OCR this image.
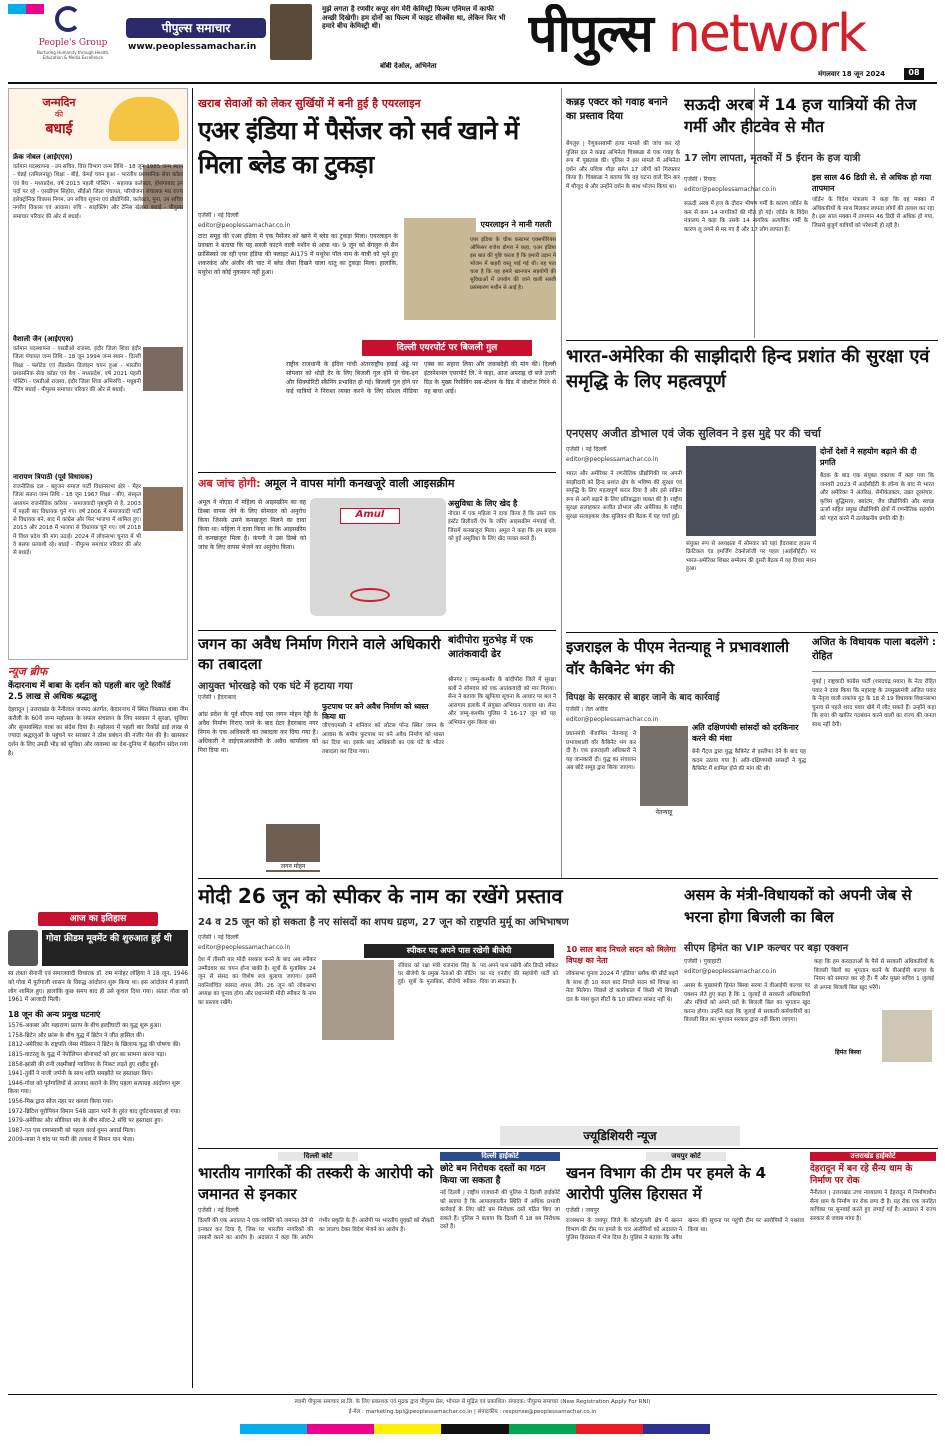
People's Group
Nurturing Humanity through Health, Education & Media Excellence
पीपुल्स समाचार
www.peoplessamachar.in
मुझे लगता है रणवीर कपूर संग मेरी केमिस्ट्री फिल्म एनिमल में काफी अच्छी दिखेगी। हम दोनों का फिल्म में फाइट सीक्वेंस था, लेकिन फिर भी हमारे बीच केमिस्ट्री थी।
बॉबी देओल, अभिनेता
पीपुल्स network
मंगलवार 18 जून 2024	08
जन्मदिन
की
बधाई
फ्रेंक नोबल (आईएएस)
वर्तमान पदस्थापना - उप सचिव, वित्त विभाग जन्म तिथि - 18 जून 1985 जन्म स्थान - चेन्नई (तमिलनाडु) शिक्षा - बीई, केमई चयन हुआ - भारतीय प्रशासनिक सेवा कॉडर एवं बैच - मध्यप्रदेश, वर्ष 2013 पहली पोस्टिंग - सहायक कलेक्टर, होशंगाबाद इन पदों पर रहे - एसडीएम सिहोरा, सीईओ जिला पंचायत, परियोजना संचालक मप्र राज्य इलेक्ट्रॉनिक विकास निगम, उप सचिव सूचना एवं प्रौद्योगिकी, कलेक्टर, गुना, उप सचिव नगरीय विकास एवं आवास। रुचि - साइक्लिंग और टेनिस खेलना बधाई - पीपुल्स समाचार परिवार की ओर से बधाई।
वैशाली जैन (आईएएस)
वर्तमान पदस्थापना - एसडीओ राजस्व, इंदौर जिला शिवा इंदौर जिला पंचायत जन्म तिथि - 18 जून 1994 जन्म स्थान - दिल्ली शिक्षा - फ्लोटेड एवं लैंडस्केप डिजाइन चयन हुआ - भारतीय प्रशासनिक सेवा कॉडर एवं बैच - मध्यप्रदेश, वर्ष 2021 पहली पोस्टिंग - एसडीओ राजस्व, इंदौर जिला शिवा अभिरुचि - मधुबनी पेंटिंग बधाई - पीपुल्स समाचार परिवार की ओर से बधाई।
नारायण त्रिपाठी (पूर्व विधायक)
राजनीतिक दल - बहुजन समाज पार्टी विधानसभा क्षेत्र - मैहर जिला सतना जन्म तिथि - 18 जून 1967 शिक्षा - बीए, संस्कृत अध्ययन राजनीतिक करियर - समाजवादी पृष्ठभूमि से है, 2003 में पहली बार विधायक चुने गए। वर्ष 2006 में समाजवादी पार्टी से विधायक बने, बाद में कांग्रेस और फिर भाजपा में शामिल हुए। 2013 और 2018 में भाजपा से विधायक चुने गए। वर्ष 2018 में विंध्य प्रदेश की मांग उठाई। 2024 में लोकसभा चुनाव में भी वे बसपा प्रत्याशी रहे। बधाई - पीपुल्स समाचार परिवार की ओर से बधाई।
न्यूज ब्रीफ
केंदारनाथ में बाबा के दर्शन को पहली बार जुटे रिकॉर्ड 2.5 लाख से अधिक श्रद्धालु
देहरादून | उत्तराखंड के नैनीताल जनपद अंतर्गत, केदारनाथ में स्थित विख्यात बाबा नीम करौली के 60वें जन्म महोत्सव के सफल संचालन के लिए सरकार ने सुरक्षा, सुविधा और सुव्यवस्थित यात्रा का संदेश दिया है। महोत्सव में पहली बार रिकॉर्ड ढाई लाख से ज्यादा श्रद्धालुओं के पहुंचने पर सरकार ने ठोस प्रबंधन की नजीर पेश की है। खासकर दर्शन के लिए उमड़ी भीड़ को सुविधा और व्यवस्था का देश-दुनिया में बेहतरीन संदेश गया है।
आज का इतिहास
गोवा फ्रीडम मूवमेंट की शुरुआत हुई थी
स्व तंत्रता सेनानी एवं समाजवादी विचारक डॉ. राम मनोहर लोहिया ने 18 जून, 1946 को गोवा में पुर्तगाली शासन के विरुद्ध आंदोलन शुरू किया था। इस आंदोलन में हजारों लोग शामिल हुए। हालांकि कुछ समय बाद ही उसे कुचल दिया गया। अंततः गोवा को 1961 में आजादी मिली।
18 जून की अन्य प्रमुख घटनाएं
1576-अकबर और महाराणा प्रताप के बीच हल्दीघाटी का युद्ध शुरू हुआ।
1758-ब्रिटेन और फ्रांस के बीच युद्ध में ब्रिटेन ने जीत हासिल की।
1812-अमेरिका के राष्ट्रपति जेम्स मेडिसन ने ब्रिटेन के खिलाफ युद्ध की घोषणा की।
1815-वाटरलू के युद्ध में नेपोलियन बोनापार्ट को हार का सामना करना पड़ा।
1858-झांसी की रानी लक्ष्मीबाई ग्वालियर के निकट लड़ते हुए शहीद हुईं।
1941-तुर्की ने नाजी जर्मनी के साथ शांति समझौते पर हस्ताक्षर किए।
1946-गोवा को पुर्तगालियों से आजाद कराने के लिए पहला सत्याग्रह आंदोलन शुरू किया गया।
1956-मिस्र द्वारा स्वेज नहर पर कब्जा किया गया।
1972-ब्रिटिश यूरोपियन विमान 548 उड़ान भरने के तुरंत बाद दुर्घटनाग्रस्त हो गया।
1979-अमेरिका और सोवियत संघ के बीच सॉल्ट-2 संधि पर हस्ताक्षर हुए।
1987-एन एस रामास्वामी को पहला वर्ल्ड वुमन अवार्ड मिला।
2009-नासा ने चांद पर पानी की तलाश में मिशन यान भेजा।
खराब सेवाओं को लेकर सुर्खियों में बनी हुई है एयरलाइन
एअर इंडिया में पैसेंजर को सर्व खाने में मिला ब्लेड का टुकड़ा
एजेंसी । नई दिल्ली
editor@peoplessamachar.co.in
टाटा समूह की एअर इंडिया में एक पैसेंजर को खाने में ब्लेड का टुकड़ा मिला। एयरलाइन के प्रवक्ता ने बताया कि यह सब्जी काटने वाली मशीन से आया था। 9 जून को बेंगलुरु से सैन फ्रांसिस्को जा रही एयर इंडिया की फ्लाइट AI175 में मथुरेश पॉल नाम के यात्री को भुने हुए शकरकंद और अंजीर की चाट में ब्लेड जैसा दिखने वाला धातु का टुकड़ा मिला। हालांकि, मथुरेश को कोई नुकसान नहीं हुआ।
एयरलाइन ने मानी गलती
एयर इंडिया के चीफ कस्टमर एक्सपीरियंस ऑफिसर राजेश डोगरा ने कहा, एअर इंडिया इस बात की पुष्टि करता है कि हमारी उड़ान में भोजन में बाहरी वस्तु पाई गई थी। यह पता चला है कि यह हमारे खानपान सहयोगी की सुविधाओं में उपयोग की जाने वाली सब्जी प्रसंस्करण मशीन से आई है।
दिल्ली एयरपोर्ट पर बिजली गुल
राष्ट्रीय राजधानी के इंदिरा गांधी अंतरराष्ट्रीय हवाई अड्डे पर सोमवार को थोड़ी देर के लिए बिजली गुल होने से चेक-इन और सिक्योरिटी स्कैनिंग प्रभावित हो गई। बिजली गुल होने पर कई यात्रियों ने निराशा व्यक्त करने के लिए सोशल मीडिया एक्स का सहारा लिया और जवाबदेही की मांग की। दिल्ली इंटरनेशनल एयरपोर्ट लि. ने कहा, आज अपराह्न दो बजे उत्तरी ग्रिड के मुख्य रिसीविंग सब-स्टेशन के ग्रिड में वोल्टेज गिरने से यह बाधा आई।
अब जांच होगी: अमूल ने वापस मांगी कनखजूरे वाली आइसक्रीम
अमूल ने नोएडा में महिला से आइसक्रीम का वह डिब्बा वापस लेने के लिए सोमवार को अनुरोध किया जिसके उसने कनखजूरा मिलने का दावा किया था। महिला ने दावा किया था कि आइसक्रीम से कनखजूरा मिला है। कंपनी ने उस डिब्बे को जांच के लिए वापस भेजने का अनुरोध किया।
Amul
असुविधा के लिए खेद है
नोएडा में एक महिला ने दावा किया है कि उसने एक इंस्टेंट डिलीवरी ऐप के जरिए आइसक्रीम मंगवाई थी, जिसमें कनखजूरा मिला। अमूल ने कहा कि हम ग्राहक को हुई असुविधा के लिए खेद व्यक्त करते हैं।
जगन का अवैध निर्माण गिराने वाले अधिकारी का तबादला
आयुक्त भोरखड़े को एक घंटे में हटाया गया
एजेंसी । हैदराबाद
आंध्र प्रदेश के पूर्व सीएम वाई एस जगन मोहन रेड्डी के अवैध निर्माण गिराए जाने के बाद ग्रेटर हैदराबाद नगर निगम के एक अधिकारी का तबादला कर दिया गया है। अधिकारी ने वाईएसआरसीपी के अवैध कार्यालय को गिरा दिया था।
फुटपाथ पर बने अवैध निर्माण को ध्वस्त किया था
जीएचएमसी ने शनिवार को लोटस पॉन्ड स्थित जगन के आवास के समीप फुटपाथ पर बने अवैध निर्माण को ध्वस्त कर दिया था। इसके बाद अधिकारी का एक घंटे के भीतर तबादला कर दिया गया।
जगन मोहन
बांदीपोरा मुठभेड़ में एक आतंकवादी ढेर
श्रीनगर | जम्मू-कश्मीर के बांदीपोरा जिले में सुरक्षा बलों ने सोमवार को एक आतंकवादी को मार गिराया। सेना ने बताया कि खुफिया सूचना के आधार पर बल ने आरागाम इलाके में संयुक्त अभियान चलाया था। सेना और जम्मू-कश्मीर पुलिस ने 16-17 जून को यह अभियान शुरू किया था।
कन्नड़ एक्टर को गवाह बनाने का प्रस्ताव दिया
बेंगलुरु | रेणुकास्वामी हत्या मामले की जांच कर रहे पुलिस दल ने कन्नड़ अभिनेता चिक्कन्ना से एक गवाह के रूप में पूछताछ की। पुलिस ने इस मामले में अभिनेता दर्शन और पवित्रा गौड़ा समेत 17 लोगों को गिरफ्तार किया है। चिक्कन्ना ने बताया कि वह घटना वाले दिन बार में मौजूद थे और उन्होंने दर्शन के साथ भोजन किया था।
सऊदी अरब में 14 हज यात्रियों की तेज गर्मी और हीटवेव से मौत
17 लोग लापता, मृतकों में 5 ईरान के हज यात्री
एजेंसी । रियाद
editor@peoplessamachar.co.in
सऊदी अरब में हज के दौरान भीषण गर्मी के कारण जॉर्डन के कम से कम 14 नागरिकों की मौत हो गई। जॉर्डन के विदेश मंत्रालय ने कहा कि उसके 14 नागरिक अत्यधिक गर्मी के कारण लू लगने से मर गए हैं और 17 लोग लापता हैं।
इस साल 46 डिग्री से. से अधिक हो गया तापमान
जॉर्डन के विदेश मंत्रालय ने कहा कि वह मक्का में अधिकारियों के साथ मिलकर लापता लोगों की तलाश कर रहा है। इस साल मक्का में तापमान 46 डिग्री से अधिक हो गया, जिससे बुजुर्ग यात्रियों को परेशानी हो रही है।
भारत-अमेरिका की साझीदारी हिन्द प्रशांत की सुरक्षा एवं समृद्धि के लिए महत्वपूर्ण
एनएसए अजीत डोभाल एवं जेक सुलिवन ने इस मुद्दे पर की चर्चा
एजेंसी । नई दिल्ली
editor@peoplessamachar.co.in
भारत और अमेरिका ने रणनीतिक प्रौद्योगिकी पर अपनी साझीदारी को हिन्द प्रशांत क्षेत्र के भविष्य की सुरक्षा एवं समृद्धि के लिए महत्वपूर्ण करार दिया है और इसे सक्रिय रूप से आगे बढ़ाने के लिए प्रतिबद्धता व्यक्त की है। राष्ट्रीय सुरक्षा सलाहकार अजीत डोभाल और अमेरिका के राष्ट्रीय सुरक्षा सलाहकार जेक सुलिवन की बैठक में यह चर्चा हुई।
संयुक्त रूप से अध्यक्षता में सोमवार को यहां हैदराबाद हाउस में क्रिटिकल एंड इमर्जिंग टेक्नोलॉजी पर पहल (आईसीईटी) पर भारत-अमेरिका शिखर सम्मेलन की दूसरी बैठक में यह विचार मंथन हुआ।
दोनों देशों ने सहयोग बढ़ाने की दी प्रगति
बैठक के बाद एक संयुक्त वक्तव्य में कहा गया कि जनवरी 2023 में आईसीईटी के लॉन्च के बाद से भारत और अमेरिका ने अंतरिक्ष, सेमीकंडक्टर, उन्नत दूरसंचार, कृत्रिम बुद्धिमत्ता, क्वांटम, जैव प्रौद्योगिकी और स्वच्छ ऊर्जा सहित प्रमुख प्रौद्योगिकी क्षेत्रों में रणनीतिक सहयोग को गहरा करने में उल्लेखनीय प्रगति की है।
इजराइल के पीएम नेतन्याहू ने प्रभावशाली वॉर कैबिनेट भंग की
विपक्ष के सरकार से बाहर जाने के बाद कार्रवाई
एजेंसी । तेल अवीव
editor@peoplessamachar.co.in
प्रधानमंत्री बेंजामिन नेतन्याहू ने प्रभावशाली वॉर कैबिनेट भंग कर दी है। एक इजराइली अधिकारी ने यह जानकारी दी। युद्ध का संचालन अब छोटे समूह द्वारा किया जाएगा।
नेतन्याहू
अति दक्षिणपंथी सांसदों को दरकिनार करने की मंशा
बेनी गैंट्ज द्वारा युद्ध कैबिनेट से इस्तीफा देने के बाद यह कदम उठाया गया है। अति-दक्षिणपंथी सांसदों ने युद्ध कैबिनेट में शामिल होने की मांग की थी।
अजित के विधायक पाला बदलेंगे : रोहित
मुंबई | राष्ट्रवादी कांग्रेस पार्टी (शरदचंद्र पवार) के नेता रोहित पवार ने दावा किया कि महाराष्ट्र के उपमुख्यमंत्री अजित पवार के नेतृत्व वाली राकांपा गुट के 18 से 19 विधायक विधानसभा चुनाव से पहले शरद पवार खेमे में लौट सकते हैं। उन्होंने कहा कि सत्ता की खातिर गठबंधन करने वालों का राज्य की जनता साथ नहीं देगी।
मोदी 26 जून को स्पीकर के नाम का रखेंगे प्रस्ताव
24 व 25 जून को हो सकता है नए सांसदों का शपथ ग्रहण, 27 जून को राष्ट्रपति मुर्मू का अभिभाषण
एजेंसी । नई दिल्ली
editor@peoplessamachar.co.in
देश में तीसरी बार मोदी सरकार बनने के बाद अब स्पीकर उम्मीदवार का चयन होना बाकी है। सूत्रों के मुताबिक 24 जून से संसद का विशेष सत्र बुलाया जाएगा। इसमें नवनिर्वाचित सांसद शपथ लेंगे। 26 जून को लोकसभा अध्यक्ष का चुनाव होगा और प्रधानमंत्री मोदी स्पीकर के नाम का प्रस्ताव रखेंगे।
स्पीकर पद अपने पास रखेगी बीजेपी
रविवार को रक्षा मंत्री राजनाथ सिंह के घर बीजेपी के प्रमुख नेताओं की मीटिंग हुई। सूत्रों के मुताबिक, बीजेपी स्पीकर पद अपने पास रखेगी और डिप्टी स्पीकर का पद एनडीए की सहयोगी पार्टी को दिया जा सकता है।
10 साल बाद निचले सदन को मिलेगा विपक्ष का नेता
लोकसभा चुनाव 2024 में 'इंडिया' ब्लॉक की सीटें बढ़ने के साथ ही 10 साल बाद निचले सदन को विपक्ष का नेता मिलेगा। पिछले दो कार्यकाल में किसी भी विपक्षी दल के पास कुल सीटों के 10 प्रतिशत सांसद नहीं थे।
असम के मंत्री-विधायकों को अपनी जेब से भरना होगा बिजली का बिल
सीएम हिमंत का VIP कल्चर पर बड़ा एक्शन
एजेंसी । गुवाहाटी
editor@peoplessamachar.co.in
असम के मुख्यमंत्री हिमंत बिस्वा सरमा ने वीआईपी कल्चर पर एक्शन लेते हुए कहा है कि 1 जुलाई से सरकारी अधिकारियों और मंत्रियों को अपने घरों के बिजली बिल का भुगतान खुद करना होगा। उन्होंने कहा कि जुलाई से सरकारी कर्मचारियों का बिजली बिल का भुगतान सरकार द्वारा नहीं किया जाएगा।
कहा कि हम करदाताओं के पैसे से सरकारी अधिकारियों के बिजली बिलों का भुगतान करने के वीआईपी कल्चर के नियम को समाप्त कर रहे हैं। मैं और मुख्य सचिव 1 जुलाई से अपना बिजली बिल खुद भरेंगे।
हिमंत बिस्वा
ज्यूडिशियरी न्यूज
दिल्ली कोर्ट
भारतीय नागरिकों की तस्करी के आरोपी को जमानत से इनकार
एजेंसी । नई दिल्ली
दिल्ली की एक अदालत ने एक व्यक्ति को जमानत देने से इनकार कर दिया है, जिस पर भारतीय नागरिकों की तस्करी करने का आरोप है। अदालत ने कहा कि आरोप गंभीर प्रकृति के हैं। आरोपी पर भारतीय युवकों को नौकरी का लालच देकर विदेश भेजने का आरोप है।
दिल्ली हाईकोर्ट
छोटे बम निरोधक दस्तों का गठन किया जा सकता है
नई दिल्ली | राष्ट्रीय राजधानी की पुलिस ने दिल्ली हाईकोर्ट को बताया है कि आपातकालीन स्थिति में अधिक प्रभावी कार्रवाई के लिए छोटे बम निरोधक दस्ते गठित किए जा सकते हैं। पुलिस ने बताया कि दिल्ली में 18 बम निरोधक दस्ते हैं।
जयपुर कोर्ट
खनन विभाग की टीम पर हमले के 4 आरोपी पुलिस हिरासत में
एजेंसी । जयपुर
राजस्थान के जयपुर जिले के कोटपुतली क्षेत्र में खनन विभाग की टीम पर हमले के चार आरोपियों को अदालत ने पुलिस हिरासत में भेज दिया है। पुलिस ने बताया कि अवैध खनन की सूचना पर पहुंची टीम पर आरोपियों ने पथराव किया था।
उत्तराखंड हाईकोर्ट
देहरादून में बन रहे सैन्य धाम के निर्माण पर रोक
नैनीताल | उत्तराखंड उच्च न्यायालय ने देहरादून में निर्माणाधीन सैन्य धाम के निर्माण पर रोक लगा दी है। यह रोक एक जनहित याचिका पर सुनवाई करते हुए लगाई गई है। अदालत ने राज्य सरकार से जवाब मांगा है।
स्वामी पीपुल्स समाचार प्रा.लि. के लिए प्रकाशक एवं मुद्रक द्वारा पीपुल्स प्रेस, भोपाल से मुद्रित एवं प्रकाशित। संपादक: पीपुल्स समाचार (New Registration Apply For RNI)
ई-मेल : marketing.bpl@peoplessamachar.co.in | संपादकीय : response@peoplessamachar.co.in
